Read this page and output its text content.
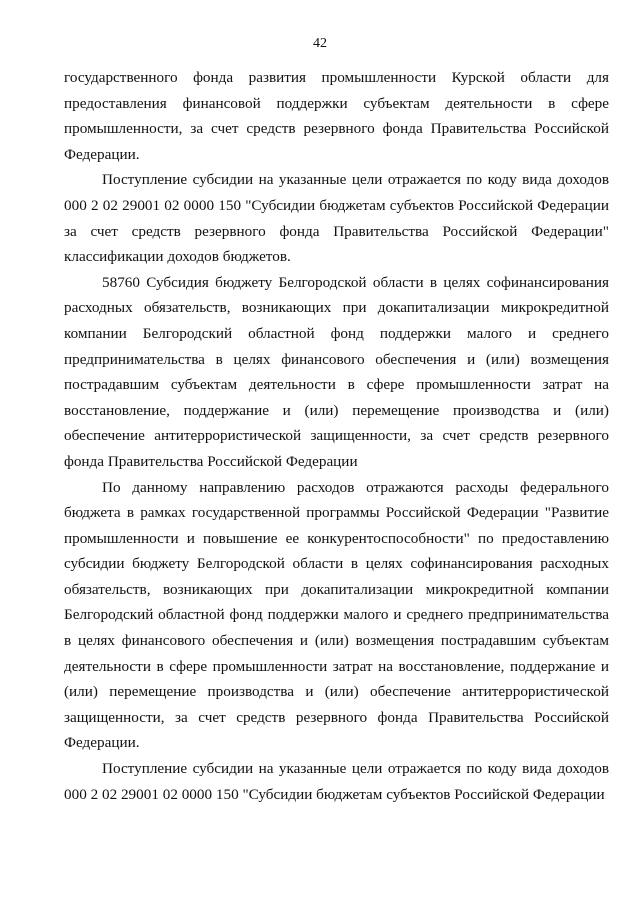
42

государственного фонда развития промышленности Курской области для предоставления финансовой поддержки субъектам деятельности в сфере промышленности, за счет средств резервного фонда Правительства Российской Федерации.

Поступление субсидии на указанные цели отражается по коду вида доходов 000 2 02 29001 02 0000 150 "Субсидии бюджетам субъектов Российской Федерации за счет средств резервного фонда Правительства Российской Федерации" классификации доходов бюджетов.

58760 Субсидия бюджету Белгородской области в целях софинансирования расходных обязательств, возникающих при докапитализации микрокредитной компании Белгородский областной фонд поддержки малого и среднего предпринимательства в целях финансового обеспечения и (или) возмещения пострадавшим субъектам деятельности в сфере промышленности затрат на восстановление, поддержание и (или) перемещение производства и (или) обеспечение антитеррористической защищенности, за счет средств резервного фонда Правительства Российской Федерации

По данному направлению расходов отражаются расходы федерального бюджета в рамках государственной программы Российской Федерации "Развитие промышленности и повышение ее конкурентоспособности" по предоставлению субсидии бюджету Белгородской области в целях софинансирования расходных обязательств, возникающих при докапитализации микрокредитной компании Белгородский областной фонд поддержки малого и среднего предпринимательства в целях финансового обеспечения и (или) возмещения пострадавшим субъектам деятельности в сфере промышленности затрат на восстановление, поддержание и (или) перемещение производства и (или) обеспечение антитеррористической защищенности, за счет средств резервного фонда Правительства Российской Федерации.

Поступление субсидии на указанные цели отражается по коду вида доходов 000 2 02 29001 02 0000 150 "Субсидии бюджетам субъектов Российской Федерации
